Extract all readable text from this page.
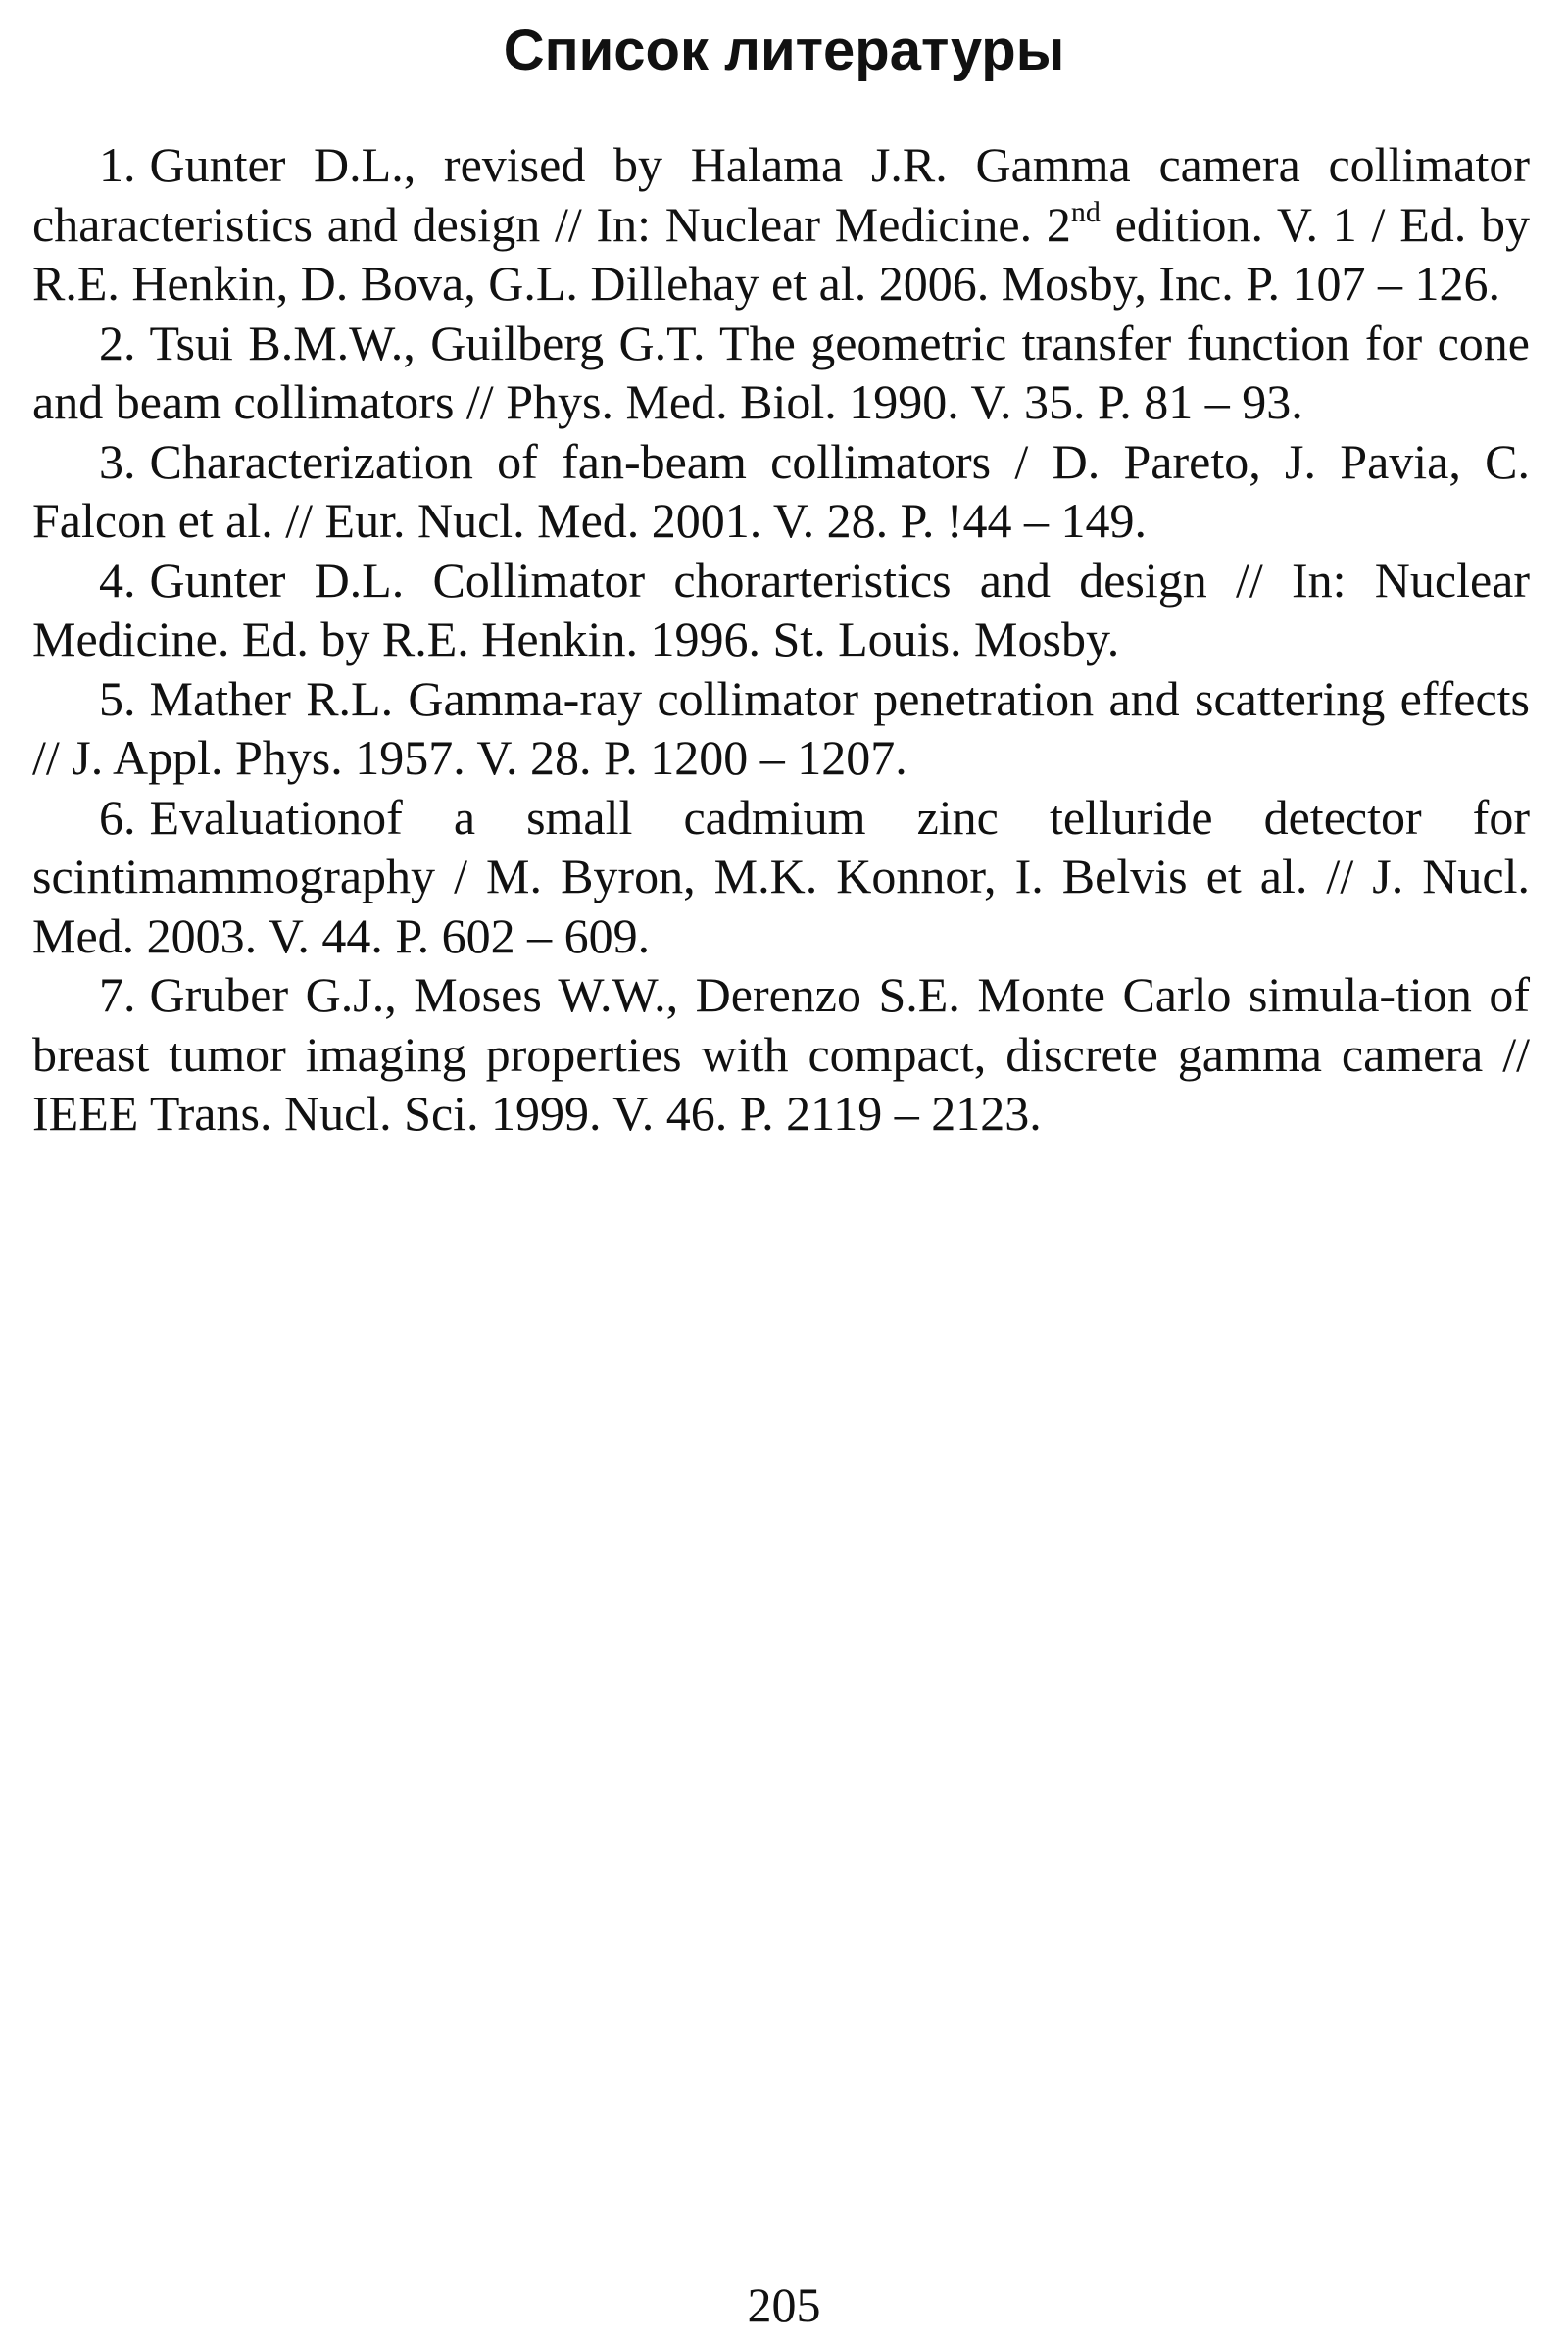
Список литературы

1. Gunter D.L., revised by Halama J.R. Gamma camera collimator characteristics and design // In: Nuclear Medicine. 2nd edition. V. 1 / Ed. by R.E. Henkin, D. Bova, G.L. Dillehay et al. 2006. Mosby, Inc. P. 107 – 126.

2. Tsui B.M.W., Guilberg G.T. The geometric transfer function for cone and beam collimators // Phys. Med. Biol. 1990. V. 35. P. 81 – 93.

3. Characterization of fan-beam collimators / D. Pareto, J. Pavia, C. Falcon et al. // Eur. Nucl. Med. 2001. V. 28. P. !44 – 149.

4. Gunter D.L. Collimator chorarteristics and design // In: Nuclear Medicine. Ed. by R.E. Henkin. 1996. St. Louis. Mosby.

5. Mather R.L. Gamma-ray collimator penetration and scattering effects // J. Appl. Phys. 1957. V. 28. P. 1200 – 1207.

6. Evaluationof a small cadmium zinc telluride detector for scintimammography / M. Byron, M.K. Konnor, I. Belvis et al. // J. Nucl. Med. 2003. V. 44. P. 602 – 609.

7. Gruber G.J., Moses W.W., Derenzo S.E. Monte Carlo simula-tion of breast tumor imaging properties with compact, discrete gamma camera // IEEE Trans. Nucl. Sci. 1999. V. 46. P. 2119 – 2123.

205
